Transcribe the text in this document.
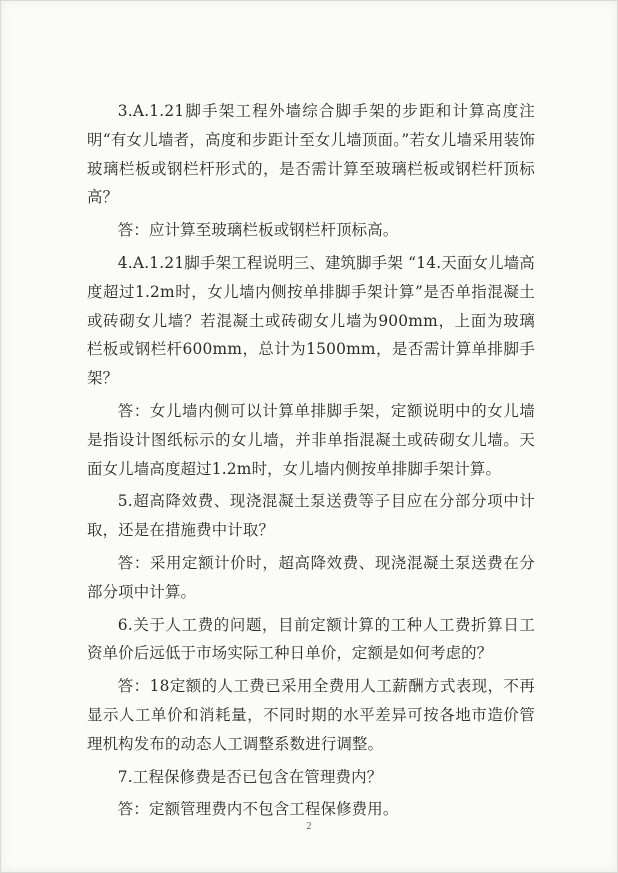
3.A.1.21脚手架工程外墙综合脚手架的步距和计算高度注明“有女儿墙者，高度和步距计至女儿墙顶面。”若女儿墙采用装饰玻璃栏板或钢栏杆形式的，是否需计算至玻璃栏板或钢栏杆顶标高？

答：应计算至玻璃栏板或钢栏杆顶标高。

4.A.1.21脚手架工程说明三、建筑脚手架 “14.天面女儿墙高度超过1.2m时，女儿墙内侧按单排脚手架计算”是否单指混凝土或砖砌女儿墙？若混凝土或砖砌女儿墙为900mm，上面为玻璃栏板或钢栏杆600mm，总计为1500mm，是否需计算单排脚手架？

答：女儿墙内侧可以计算单排脚手架，定额说明中的女儿墙是指设计图纸标示的女儿墙，并非单指混凝土或砖砌女儿墙。天面女儿墙高度超过1.2m时，女儿墙内侧按单排脚手架计算。

5.超高降效费、现浇混凝土泵送费等子目应在分部分项中计取，还是在措施费中计取？

答：采用定额计价时，超高降效费、现浇混凝土泵送费在分部分项中计算。

6.关于人工费的问题，目前定额计算的工种人工费折算日工资单价后远低于市场实际工种日单价，定额是如何考虑的？

答：18定额的人工费已采用全费用人工薪酬方式表现，不再显示人工单价和消耗量，不同时期的水平差异可按各地市造价管理机构发布的动态人工调整系数进行调整。

7.工程保修费是否已包含在管理费内？

答：定额管理费内不包含工程保修费用。

2
